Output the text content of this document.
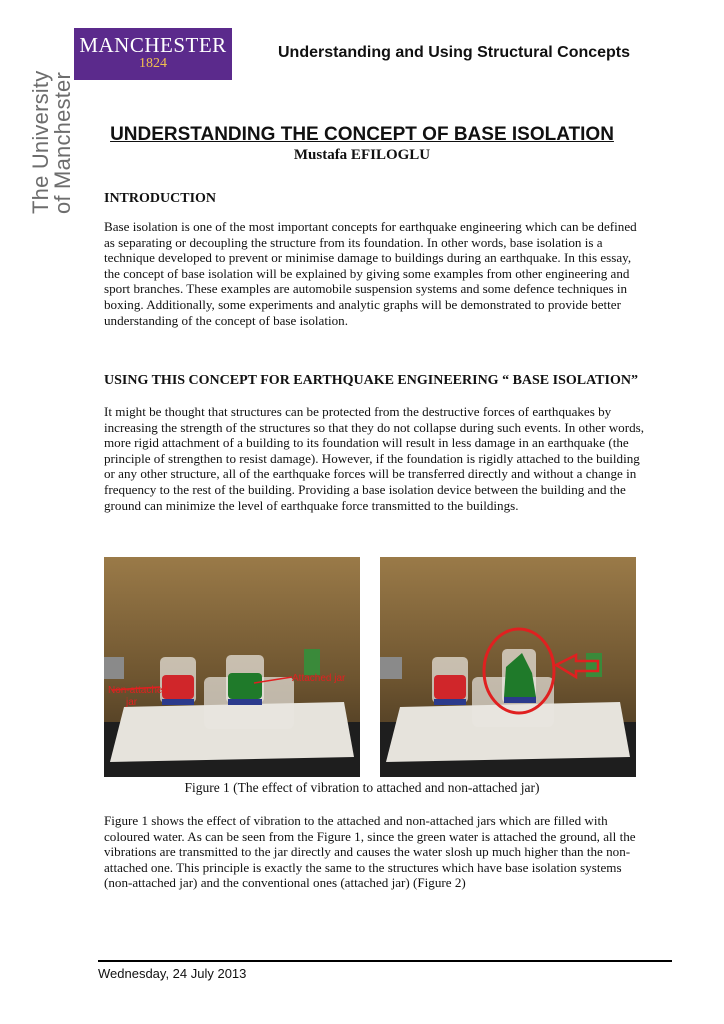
MANCHESTER
1824
The University
of Manchester
Understanding and Using Structural Concepts
UNDERSTANDING THE CONCEPT OF BASE ISOLATION
Mustafa EFILOGLU
INTRODUCTION
Base isolation is one of the most important concepts for earthquake engineering which can be defined as separating or decoupling the structure from its foundation. In other words, base isolation is a technique developed to prevent or minimise damage to buildings during an earthquake. In this essay, the concept of base isolation will be explained by giving some examples from other engineering and sport branches. These examples are automobile suspension systems and some defence techniques in boxing. Additionally, some experiments and analytic graphs will be demonstrated to provide better understanding of the concept of base isolation.
USING THIS CONCEPT FOR EARTHQUAKE ENGINEERING “ BASE ISOLATION”
It might be thought that structures can be protected from the destructive forces of earthquakes by increasing the strength of the structures so that they do not collapse during such events. In other words, more rigid attachment of a building to its foundation will result in less damage in an earthquake (the principle of strengthen to resist damage). However, if the foundation is rigidly attached to the building or any other structure, all of the earthquake forces will be transferred directly and without a change in frequency to the rest of the building. Providing a base isolation device between the building and the ground can minimize the level of earthquake force transmitted to the buildings.
Non-attached
jar
Attached jar
Figure 1 (The effect of vibration to attached and non-attached jar)
Figure 1 shows the effect of vibration to the attached and non-attached jars which are filled with coloured water. As can be seen from the Figure 1, since the green water is attached the ground, all the vibrations are transmitted to the jar directly and causes the water slosh up much higher than the non-attached one. This principle is exactly the same to the structures which have base isolation systems (non-attached jar) and the conventional ones (attached jar) (Figure 2)
Wednesday, 24 July 2013
